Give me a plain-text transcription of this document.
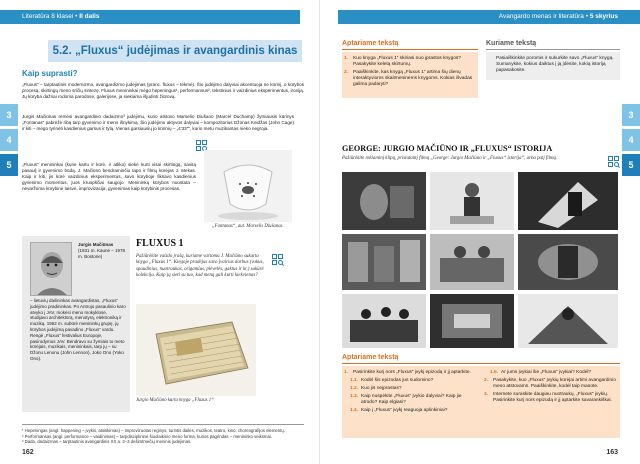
Literatūra 8 klasei • II dalis
3
4
5
5.2. „Fluxus“ judėjimas ir avangardinis kinas
Kaip suprasti?

„Fluxus“ – tarptautinis modernizmo, avangardizmo judėjimas (pranc. fluxus – tėkmė). Šio judėjimo dalyviai akcentuoja ne kūrinį, o kūrybos procesą, skirtingų meno sričių sintezę. Fluxus menininkai mėgo hepeningus¹, performansus², tekstinius ir vaizdinius eksperimentus, ironiją. Jų kūryba dažnai rodoma parodose, galerijose, ja siekiama išjudinti žiūrovą.

Jurgis Mačiūnas rėmėsi avangardinio dadaizmo³ judėjimu, kurio atstovo Marselio Diušano (Marcel Duchamp) žymiausis kūrinys „Fontanas“ pabrėžė ribą tarp gyvenimo ir meno išnykimą. Šio judėjimo aktyvūs dalyviai – kompozitorius Džonas Keidžas (John Cage) ir kiti – mėgo tyrinėti kasdienius garsus ir tylą. Vienas garsiausių jo kūrinių – „4′33″“, kurio metu muzikantas nieko negroja.

„Fluxus“ menininkai (kurie kartu ir kūrė, ir atliko) siekė kurti visai skirtingą, savitą pasaulį ir gyvenimo būdą. J. Mačiūno bendraminčiu tapo ir filmų kūrėjas J. Mekas. Kaip ir kiti, jis kūrė vaizdinius eksperimentus, savo kūryboje fiksavo kasdienius gyvenimo momentus, juos kruopščiai saugojo. Menininkų kūrybos nuostata – nevaržoma kūrybinė laisvė, improvizacija, gyvenimas kaip kūrybinis procesas.

„Fontanas“, aut. Marselis Diušanas
Jurgis Mačiūnas
(1931 m. Kaune – 1978 m. Bostone)
– lietuvių dailininkas avangardistas, „Fluxus“ judėjimo pradininkas. Po Antrojo pasaulinio karo atvyko į JAV, mokėsi meno mokyklose, studijavo architektūrą, menotyrą, elektroniką ir muziką. 1962 m. subūrė menininkų grupę, jų kūrybos judėjimą pavadino „Fluxus“ vardu. Rengė „Fluxus“ festivalius Europoje, pasirodymus JAV. Bendravo su žymiais to meto kūrėjais, muzikais, menininkais, tarp jų – su Džonu Lenonu (John Lennon), Joko Ono (Yoko Ono).
FLUXUS 1
Pažiūrėkite vaizdo įrašą, kuriame vartoma J. Mačiūno sukurta knyga „Fluxus 1“. Kiegoje pradėjus savo įvairius darbus (vokus, spaudinius, nuotraukas, origamius, plėvelės, gaktus ir kt.) sukūrė kolekcija. Kaip ją sieti su tuo, kad meną gali kurti kiekvienas?
Jurgio Mačiūno kurta knyga „Fluxus 1“

¹ Hepeningas (angl. happening – įvykis, atsitikimas) – improvizuotas reginys, turintis dailės, muzikos, teatro, kino, choreografijos elementų.

² Performansas (angl. performance – vaidinimas) – tarpdisciplininė šiuolaikinio meno forma, kurios pagrindas – menininko veiksmai.

³ Dada, dadaizmas – tarptautinis avangardinis XX a. 2–3 dešimtmečių meninis judėjimas.

162
Avangardo menas ir literatūra • 5 skyrius
3
4
5
Aptariame tekstą
1. Kuo knyga „Fluxus 1“ skiriasi nuo įprastos knygos? Pasakykite keletą skirtumų.
2. Paaiškinkite, kas knygą „Fluxus 1“ artima šių dienų interaktyvioms skaitmeninėms knygoms. Kokias išvadas galima padaryti?
Kuriame tekstą
Pasiaiškinkite poromis ir sukurkite savo „Fluxus“ knygą. Sumanykite, kokius daiktus į ją įdėsite, kokią istoriją papasakosite.
GEORGE: JURGIO MAČIŪNO IR „FLUXUS“ ISTORIJA
Pažiūrėkite reklaminį klipą, pristatantį filmą „George: Jurgio Mačiūno ir „Fluxus“ istorija“, arba patį filmą.
Aptariame tekstą
1. Pasirinkite kurį nors „Fluxus“ įvykį epizodą ir jį aptarkite.
1.1. Kodėl šis epizodas jus sudomino?
1.2. Kuo jis neįprastas?
1.3. Kaip nuspėkite „Fluxus“ įvykio dalyviai? Kaip jie atrodo? Kaip elgiasi?
1.4. Kaip į „Fluxus“ įvykį reaguoja aplinkiniai?
1.5. Ar jums įvykiai šie „Fluxus“ įvykiai? Kodėl?
2. Pasakykite, kuo „Fluxus“ įvykių kūrėjai artimi avangardinio meno atstovams. Paaiškinkite, kodėl taip manote.
3. Internete suraskite daugiau nuotraukų, „Fluxus“ įvykių. Pasirinkite kurį nors epizodą ir jį aptarkite savarankiškai.
163
